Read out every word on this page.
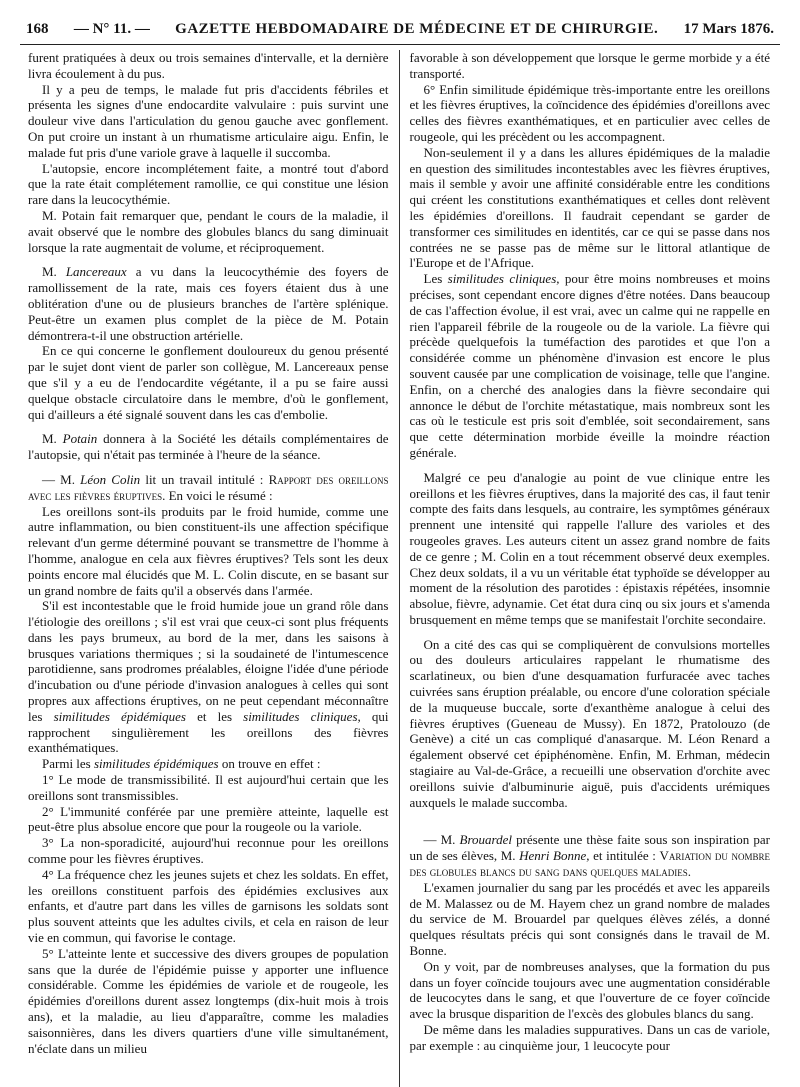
168 — N° 11. — GAZETTE HEBDOMADAIRE DE MÉDECINE ET DE CHIRURGIE. 17 Mars 1876.

furent pratiquées à deux ou trois semaines d'intervalle, et la dernière livra écoulement à du pus.

Il y a peu de temps, le malade fut pris d'accidents fébriles et présenta les signes d'une endocardite valvulaire : puis survint une douleur vive dans l'articulation du genou gauche avec gonflement. On put croire un instant à un rhumatisme articulaire aigu. Enfin, le malade fut pris d'une variole grave à laquelle il succomba.

L'autopsie, encore incomplétement faite, a montré tout d'abord que la rate était complétement ramollie, ce qui constitue une lésion rare dans la leucocythémie.

M. Potain fait remarquer que, pendant le cours de la maladie, il avait observé que le nombre des globules blancs du sang diminuait lorsque la rate augmentait de volume, et réciproquement.

M. Lancereaux a vu dans la leucocythémie des foyers de ramollissement de la rate, mais ces foyers étaient dus à une oblitération d'une ou de plusieurs branches de l'artère splénique. Peut-être un examen plus complet de la pièce de M. Potain démontrera-t-il une obstruction artérielle.

En ce qui concerne le gonflement douloureux du genou présenté par le sujet dont vient de parler son collègue, M. Lancereaux pense que s'il y a eu de l'endocardite végétante, il a pu se faire aussi quelque obstacle circulatoire dans le membre, d'où le gonflement, qui d'ailleurs a été signalé souvent dans les cas d'embolie.

M. Potain donnera à la Société les détails complémentaires de l'autopsie, qui n'était pas terminée à l'heure de la séance.

— M. Léon Colin lit un travail intitulé : Rapport des oreillons avec les fièvres éruptives. En voici le résumé :

Les oreillons sont-ils produits par le froid humide, comme une autre inflammation, ou bien constituent-ils une affection spécifique relevant d'un germe déterminé pouvant se transmettre de l'homme à l'homme, analogue en cela aux fièvres éruptives? Tels sont les deux points encore mal élucidés que M. L. Colin discute, en se basant sur un grand nombre de faits qu'il a observés dans l'armée.

S'il est incontestable que le froid humide joue un grand rôle dans l'étiologie des oreillons ; s'il est vrai que ceux-ci sont plus fréquents dans les pays brumeux, au bord de la mer, dans les saisons à brusques variations thermiques ; si la soudaineté de l'intumescence parotidienne, sans prodromes préalables, éloigne l'idée d'une période d'incubation ou d'une période d'invasion analogues à celles qui sont propres aux affections éruptives, on ne peut cependant méconnaître les similitudes épidémiques et les similitudes cliniques, qui rapprochent singulièrement les oreillons des fièvres exanthématiques.

Parmi les similitudes épidémiques on trouve en effet :

1° Le mode de transmissibilité. Il est aujourd'hui certain que les oreillons sont transmissibles.

2° L'immunité conférée par une première atteinte, laquelle est peut-être plus absolue encore que pour la rougeole ou la variole.

3° La non-sporadicité, aujourd'hui reconnue pour les oreillons comme pour les fièvres éruptives.

4° La fréquence chez les jeunes sujets et chez les soldats. En effet, les oreillons constituent parfois des épidémies exclusives aux enfants, et d'autre part dans les villes de garnisons les soldats sont plus souvent atteints que les adultes civils, et cela en raison de leur vie en commun, qui favorise le contage.

5° L'atteinte lente et successive des divers groupes de population sans que la durée de l'épidémie puisse y apporter une influence considérable. Comme les épidémies de variole et de rougeole, les épidémies d'oreillons durent assez longtemps (dix-huit mois à trois ans), et la maladie, au lieu d'apparaître, comme les maladies saisonnières, dans les divers quartiers d'une ville simultanément, n'éclate dans un milieu

favorable à son développement que lorsque le germe morbide y a été transporté.

6° Enfin similitude épidémique très-importante entre les oreillons et les fièvres éruptives, la coïncidence des épidémies d'oreillons avec celles des fièvres exanthématiques, et en particulier avec celles de rougeole, qui les précèdent ou les accompagnent.

Non-seulement il y a dans les allures épidémiques de la maladie en question des similitudes incontestables avec les fièvres éruptives, mais il semble y avoir une affinité considérable entre les conditions qui créent les constitutions exanthématiques et celles dont relèvent les épidémies d'oreillons. Il faudrait cependant se garder de transformer ces similitudes en identités, car ce qui se passe dans nos contrées ne se passe pas de même sur le littoral atlantique de l'Europe et de l'Afrique.

Les similitudes cliniques, pour être moins nombreuses et moins précises, sont cependant encore dignes d'être notées. Dans beaucoup de cas l'affection évolue, il est vrai, avec un calme qui ne rappelle en rien l'appareil fébrile de la rougeole ou de la variole. La fièvre qui précède quelquefois la tuméfaction des parotides et que l'on a considérée comme un phénomène d'invasion est encore le plus souvent causée par une complication de voisinage, telle que l'angine. Enfin, on a cherché des analogies dans la fièvre secondaire qui annonce le début de l'orchite métastatique, mais nombreux sont les cas où le testicule est pris soit d'emblée, soit secondairement, sans que cette détermination morbide éveille la moindre réaction générale.

Malgré ce peu d'analogie au point de vue clinique entre les oreillons et les fièvres éruptives, dans la majorité des cas, il faut tenir compte des faits dans lesquels, au contraire, les symptômes généraux prennent une intensité qui rappelle l'allure des varioles et des rougeoles graves. Les auteurs citent un assez grand nombre de faits de ce genre ; M. Colin en a tout récemment observé deux exemples. Chez deux soldats, il a vu un véritable état typhoïde se développer au moment de la résolution des parotides : épistaxis répétées, insomnie absolue, fièvre, adynamie. Cet état dura cinq ou six jours et s'amenda brusquement en même temps que se manifestait l'orchite secondaire.

On a cité des cas qui se compliquèrent de convulsions mortelles ou des douleurs articulaires rappelant le rhumatisme des scarlatineux, ou bien d'une desquamation furfuracée avec taches cuivrées sans éruption préalable, ou encore d'une coloration spéciale de la muqueuse buccale, sorte d'exanthème analogue à celui des fièvres éruptives (Gueneau de Mussy). En 1872, Pratolouzo (de Genève) a cité un cas compliqué d'anasarque. M. Léon Renard a également observé cet épiphénomène. Enfin, M. Erhman, médecin stagiaire au Val-de-Grâce, a recueilli une observation d'orchite avec oreillons suivie d'albuminurie aiguë, puis d'accidents urémiques auxquels le malade succomba.

— M. Brouardel présente une thèse faite sous son inspiration par un de ses élèves, M. Henri Bonne, et intitulée : Variation du nombre des globules blancs du sang dans quelques maladies.

L'examen journalier du sang par les procédés et avec les appareils de M. Malassez ou de M. Hayem chez un grand nombre de malades du service de M. Brouardel par quelques élèves zélés, a donné quelques résultats précis qui sont consignés dans le travail de M. Bonne.

On y voit, par de nombreuses analyses, que la formation du pus dans un foyer coïncide toujours avec une augmentation considérable de leucocytes dans le sang, et que l'ouverture de ce foyer coïncide avec la brusque disparition de l'excès des globules blancs du sang.

De même dans les maladies suppuratives. Dans un cas de variole, par exemple : au cinquième jour, 1 leucocyte pour
